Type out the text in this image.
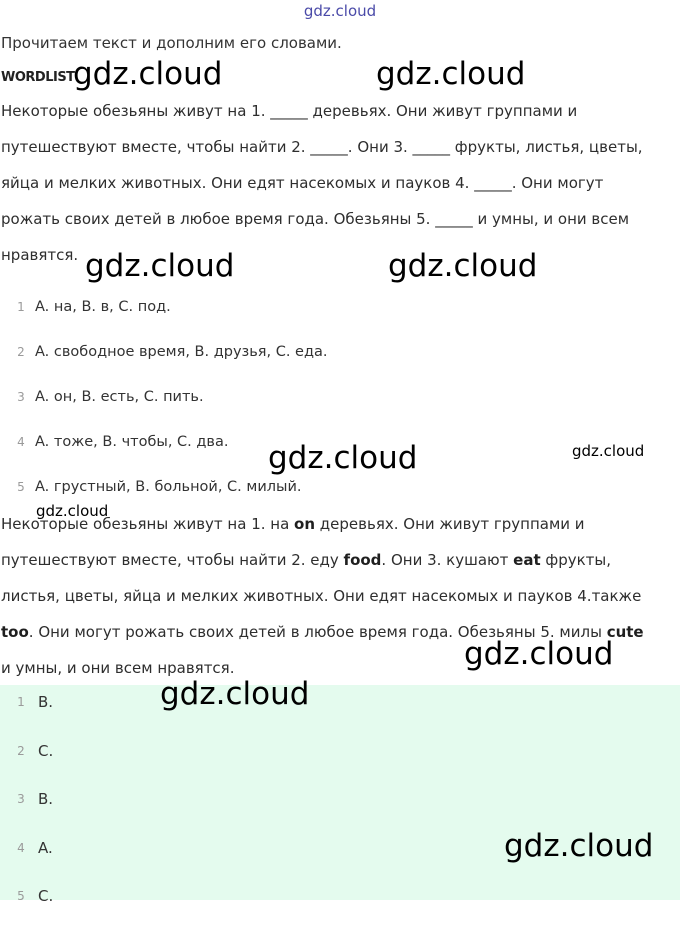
gdz.cloud
Прочитаем текст и дополним его словами.
WORDLIST
Некоторые обезьяны живут на 1. _____ деревьях. Они живут группами и
путешествуют вместе, чтобы найти 2. _____. Они 3. _____ фрукты, листья, цветы,
яйца и мелких животных. Они едят насекомых и пауков 4. _____. Они могут
рожать своих детей в любое время года. Обезьяны 5. _____ и умны, и они всем
нравятся.
1 A. на, B. в, C. под.
2 A. свободное время, B. друзья, C. еда.
3 A. он, B. есть, C. пить.
4 A. тоже, B. чтобы, C. два.
5 A. грустный, B. больной, C. милый.
Некоторые обезьяны живут на 1. на on деревьях. Они живут группами и
путешествуют вместе, чтобы найти 2. еду food. Они 3. кушают eat фрукты,
листья, цветы, яйца и мелких животных. Они едят насекомых и пауков 4.также
too. Они могут рожать своих детей в любое время года. Обезьяны 5. милы cute
и умны, и они всем нравятся.
1 B.
2 C.
3 B.
4 A.
5 C.
gdz.cloud	gdz.cloud
gdz.cloud	gdz.cloud
gdz.cloud	gdz.cloud
gdz.cloud
gdz.cloud
gdz.cloud
gdz.cloud
